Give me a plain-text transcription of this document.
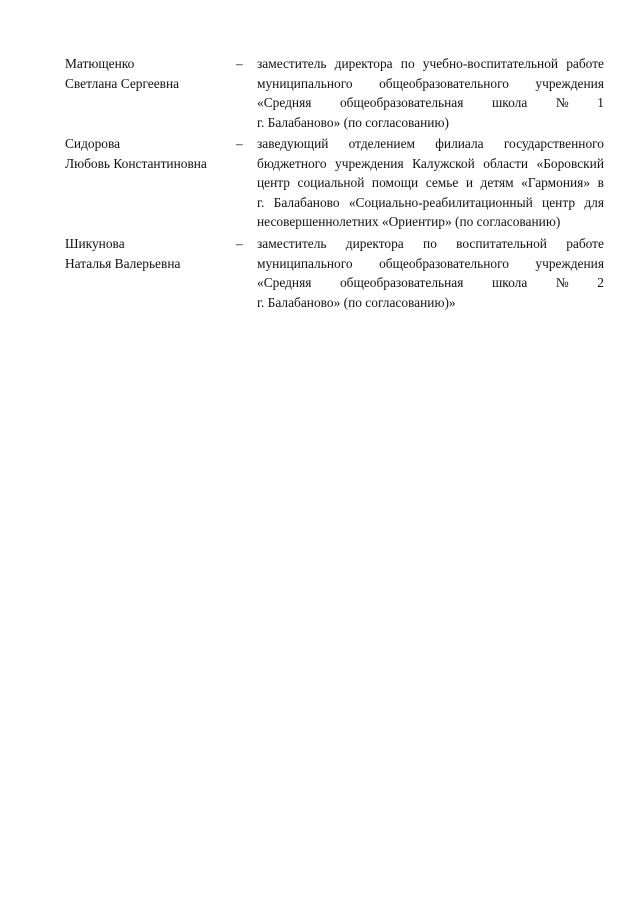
Матющенко
Светлана Сергеевна
– заместитель директора по учебно-воспитательной работе
муниципального общеобразовательного учреждения
«Средняя общеобразовательная школа № 1
г. Балабаново» (по согласованию)
Сидорова
Любовь Константиновна
– заведующий отделением филиала государственного
бюджетного учреждения Калужской области «Боровский
центр социальной помощи семье и детям «Гармония» в
г. Балабаново «Социально-реабилитационный центр для
несовершеннолетних «Ориентир» (по согласованию)
Шикунова
Наталья Валерьевна
– заместитель директора по воспитательной работе
муниципального общеобразовательного учреждения
«Средняя общеобразовательная школа № 2
г. Балабаново» (по согласованию)»
